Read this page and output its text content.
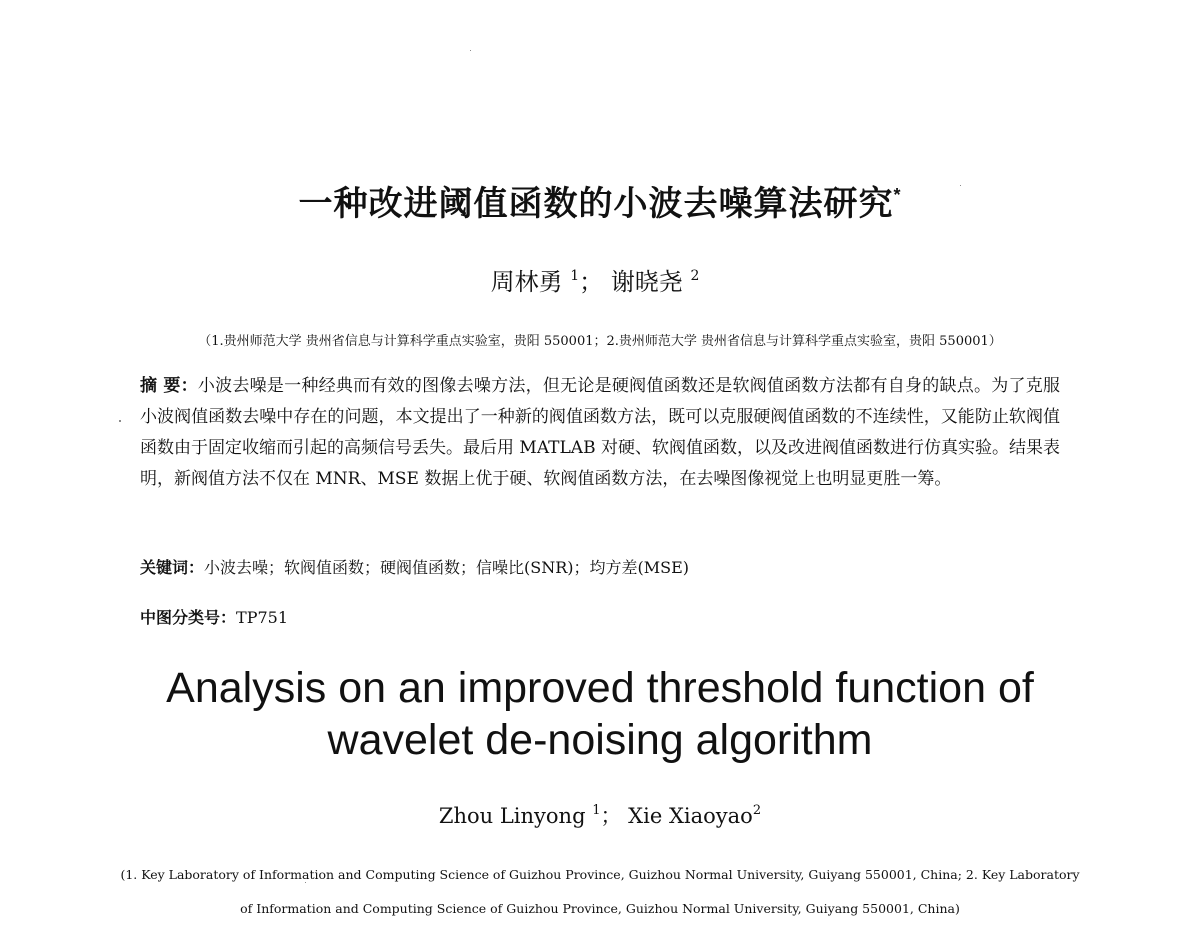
一种改进阈值函数的小波去噪算法研究*
周林勇 $^1$； 谢晓尧 $^2$
（1.贵州师范大学 贵州省信息与计算科学重点实验室，贵阳 550001；2.贵州师范大学 贵州省信息与计算科学重点实验室，贵阳 550001）
摘 要：小波去噪是一种经典而有效的图像去噪方法，但无论是硬阀值函数还是软阀值函数方法都有自身的缺点。为了克服小波阀值函数去噪中存在的问题，本文提出了一种新的阀值函数方法，既可以克服硬阀值函数的不连续性，又能防止软阀值函数由于固定收缩而引起的高频信号丢失。最后用 MATLAB 对硬、软阀值函数，以及改进阀值函数进行仿真实验。结果表明，新阀值方法不仅在 MNR、MSE 数据上优于硬、软阀值函数方法，在去噪图像视觉上也明显更胜一筹。
关键词：小波去噪；软阀值函数；硬阀值函数；信噪比(SNR)；均方差(MSE)
中图分类号：TP751
Analysis on an improved threshold function of
wavelet de-noising algorithm
Zhou Linyong $^1$； Xie Xiaoyao$^2$
(1. Key Laboratory of Information and Computing Science of Guizhou Province, Guizhou Normal University, Guiyang 550001, China; 2. Key Laboratory
of Information and Computing Science of Guizhou Province, Guizhou Normal University, Guiyang 550001, China)
